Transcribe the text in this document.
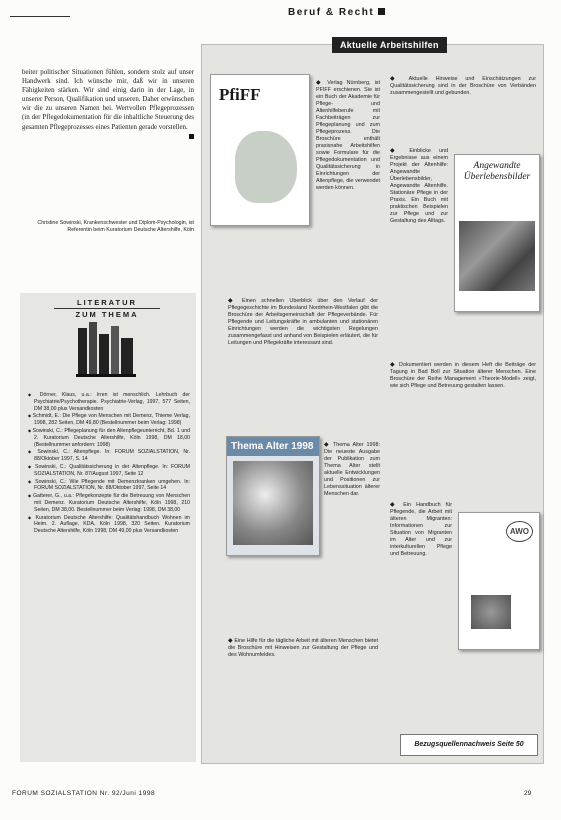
Beruf & Recht

beiter politischer Situationen fühlen, sondern stolz auf unser Handwerk sind. Ich wünsche mir, daß wir in unseren Fähigkeiten stärken. Wir sind einig darin in der Lage, in unserer Person, Qualifikation und unseren. Daher erwünschen wir die zu unseren Namen bei. Wertvollen Pflegeprozessen (in der Pflegedokumentation für die inhaltliche Steuerung des gesamten Pflegeprozesses eines Patienten gerade vorstellen.

Christine Sowinski, Krankenschwester und Diplom-Psychologin, ist Referentin beim Kuratorium Deutsche Altershilfe, Köln
LITERATUR
ZUM THEMA
◆ Dörner, Klaus, u.a.: Irren ist menschlich. Lehrbuch der Psychiatrie/Psychotherapie. Psychiatrie-Verlag, 1997, 577 Seiten, DM 38,00 plus Versandkosten
◆ Schmidt, E.: Die Pflege von Menschen mit Demenz, Thieme Verlag, 1998, 282 Seiten, DM 49,80 (Bestellnummer beim Verlag: 1998)
◆ Sowinski, C.: Pflegeplanung für den Altenpflegeunterricht, Bd. 1 und 2. Kuratorium Deutsche Altershilfe, Köln 1998, DM 18,00 (Bestellnummer anfordern: 1998)
◆ Sowinski, C.: Altenpflege. In: FORUM SOZIALSTATION, Nr. 88/Oktober 1997, S. 14
◆ Sowinski, C.: Qualitätssicherung in der Altenpflege. In: FORUM SOZIALSTATION, Nr. 87/August 1997, Seite 12
◆ Sowinski, C.: Wie Pflegende mit Demenzkranken umgehen. In: FORUM SOZIALSTATION, Nr. 88/Oktober 1997, Seite 14
◆ Gatterer, G., u.a.: Pflegekonzepte für die Betreuung von Menschen mit Demenz. Kuratorium Deutsche Altershilfe, Köln 1998, 210 Seiten, DM 38,00. Bestellnummer beim Verlag: 1998, DM 38,00
◆ Kuratorium Deutsche Altershilfe: Qualitätshandbuch Wohnen im Heim. 2. Auflage, KDA, Köln 1998, 320 Seiten. Kuratorium Deutsche Altershilfe, Köln 1998, DM 49,00 plus Versandkosten
Aktuelle Arbeitshilfen
PfiFF
◆ Verlag Nürnberg, ist PFIFF erschienen. Sie ist ein Buch der Akademie für Pflege- und Altenhilfeberufe mit Fachbeiträgen zur Pflegeplanung und zum Pflegeprozess. Die Broschüre enthält praxisnahe Arbeitshilfen sowie Formulare für die Pflegedokumentation und Qualitätssicherung in Einrichtungen der Altenpflege, die verwendet werden können.
◆ Aktuelle Hinweise und Einschätzungen zur Qualitätssicherung sind in der Broschüre von Verbänden zusammengestellt und gebunden.
◆ Einblicke und Ergebnisse aus einem Projekt der Altenhilfe: Angewandte Überlebensbilder, Angewandte Altenhilfe. Stationäre Pflege in der Praxis. Ein Buch mit praktischen Beispielen zur Pflege und zur Gestaltung des Alltags.
Angewandte Überlebensbilder
◆ Einen schnellen Überblick über den Verlauf der Pflegegeschichte im Bundesland Nordrhein-Westfalen gibt die Broschüre der Arbeitsgemeinschaft der Pflegeverbände. Für Pflegende und Leitungskräfte in ambulanten und stationären Einrichtungen werden die wichtigsten Regelungen zusammengefasst und anhand von Beispielen erläutert, die für Leitungen und Pflegekräfte interessant sind.
◆ Dokumentiert werden in diesem Heft die Beiträge der Tagung in Bad Boll zur Situation älterer Menschen. Eine Broschüre der Reihe Management »Theorie-Modell« zeigt, wie sich Pflege und Betreuung gestalten lassen.
Thema Alter 1998	◆ Thema Alter 1998: Die neueste Ausgabe der Publikation zum Thema Alter stellt aktuelle Entwicklungen und Positionen zur Lebenssituation älterer Menschen dar.
◆ Ein Handbuch für Pflegende, die Arbeit mit älteren Migranten: Informationen zur Situation von Migranten im Alter und zur interkulturellen Pflege und Betreuung.
AWO
◆ Eine Hilfe für die tägliche Arbeit mit älteren Menschen bietet die Broschüre mit Hinweisen zur Gestaltung der Pflege und des Wohnumfeldes.
Bezugsquellennachweis Seite 50
FORUM SOZIALSTATION Nr. 92/Juni 1998	29
